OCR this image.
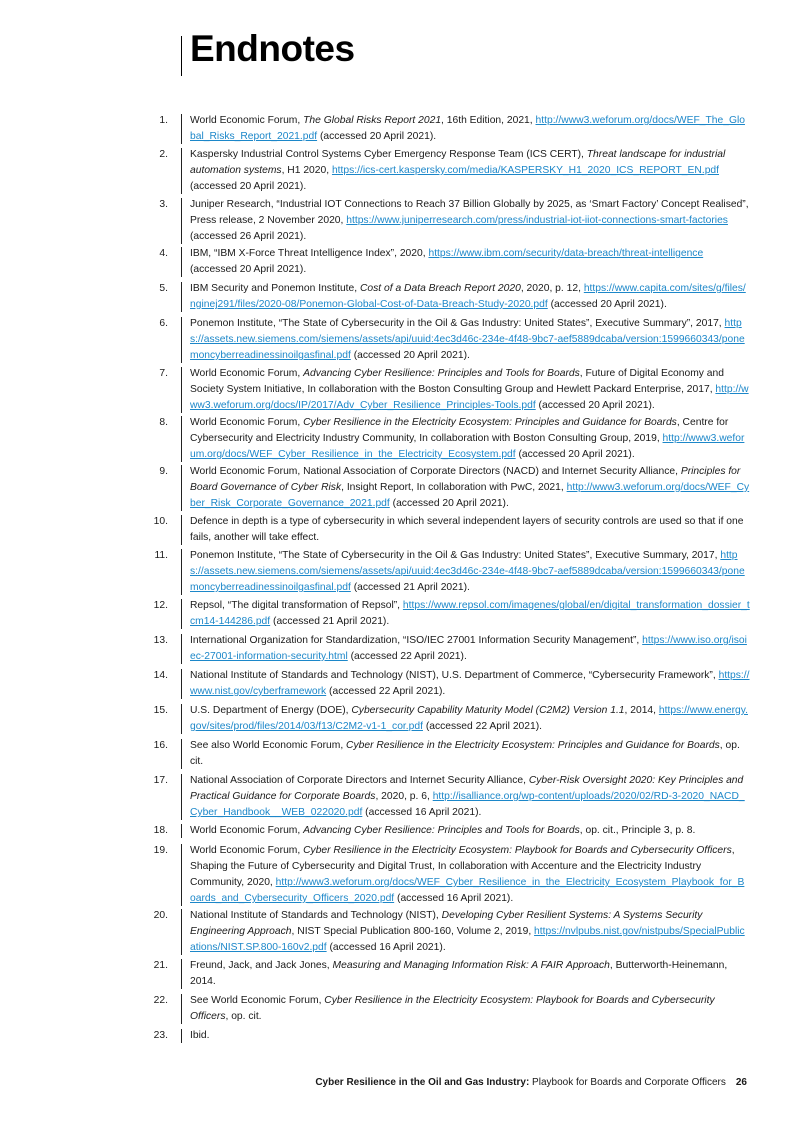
Endnotes
1. World Economic Forum, The Global Risks Report 2021, 16th Edition, 2021, http://www3.weforum.org/docs/WEF_The_Global_Risks_Report_2021.pdf (accessed 20 April 2021).
2. Kaspersky Industrial Control Systems Cyber Emergency Response Team (ICS CERT), Threat landscape for industrial automation systems, H1 2020, https://ics-cert.kaspersky.com/media/KASPERSKY_H1_2020_ICS_REPORT_EN.pdf (accessed 20 April 2021).
3. Juniper Research, “Industrial IOT Connections to Reach 37 Billion Globally by 2025, as ‘Smart Factory’ Concept Realised”, Press release, 2 November 2020, https://www.juniperresearch.com/press/industrial-iot-iiot-connections-smart-factories (accessed 26 April 2021).
4. IBM, “IBM X-Force Threat Intelligence Index”, 2020, https://www.ibm.com/security/data-breach/threat-intelligence (accessed 20 April 2021).
5. IBM Security and Ponemon Institute, Cost of a Data Breach Report 2020, 2020, p. 12, https://www.capita.com/sites/g/files/nginej291/files/2020-08/Ponemon-Global-Cost-of-Data-Breach-Study-2020.pdf (accessed 20 April 2021).
6. Ponemon Institute, “The State of Cybersecurity in the Oil & Gas Industry: United States”, Executive Summary”, 2017, https://assets.new.siemens.com/siemens/assets/api/uuid:4ec3d46c-234e-4f48-9bc7-aef5889dcaba/version:1599660343/ponemoncyberreadinessinoilgasfinal.pdf (accessed 20 April 2021).
7. World Economic Forum, Advancing Cyber Resilience: Principles and Tools for Boards, Future of Digital Economy and Society System Initiative, In collaboration with the Boston Consulting Group and Hewlett Packard Enterprise, 2017, http://www3.weforum.org/docs/IP/2017/Adv_Cyber_Resilience_Principles-Tools.pdf (accessed 20 April 2021).
8. World Economic Forum, Cyber Resilience in the Electricity Ecosystem: Principles and Guidance for Boards, Centre for Cybersecurity and Electricity Industry Community, In collaboration with Boston Consulting Group, 2019, http://www3.weforum.org/docs/WEF_Cyber_Resilience_in_the_Electricity_Ecosystem.pdf (accessed 20 April 2021).
9. World Economic Forum, National Association of Corporate Directors (NACD) and Internet Security Alliance, Principles for Board Governance of Cyber Risk, Insight Report, In collaboration with PwC, 2021, http://www3.weforum.org/docs/WEF_Cyber_Risk_Corporate_Governance_2021.pdf (accessed 20 April 2021).
10. Defence in depth is a type of cybersecurity in which several independent layers of security controls are used so that if one fails, another will take effect.
11. Ponemon Institute, “The State of Cybersecurity in the Oil & Gas Industry: United States”, Executive Summary, 2017, https://assets.new.siemens.com/siemens/assets/api/uuid:4ec3d46c-234e-4f48-9bc7-aef5889dcaba/version:1599660343/ponemoncyberreadinessinoilgasfinal.pdf (accessed 21 April 2021).
12. Repsol, “The digital transformation of Repsol”, https://www.repsol.com/imagenes/global/en/digital_transformation_dossier_tcm14-144286.pdf (accessed 21 April 2021).
13. International Organization for Standardization, “ISO/IEC 27001 Information Security Management”, https://www.iso.org/isoiec-27001-information-security.html (accessed 22 April 2021).
14. National Institute of Standards and Technology (NIST), U.S. Department of Commerce, “Cybersecurity Framework”, https://www.nist.gov/cyberframework (accessed 22 April 2021).
15. U.S. Department of Energy (DOE), Cybersecurity Capability Maturity Model (C2M2) Version 1.1, 2014, https://www.energy.gov/sites/prod/files/2014/03/f13/C2M2-v1-1_cor.pdf (accessed 22 April 2021).
16. See also World Economic Forum, Cyber Resilience in the Electricity Ecosystem: Principles and Guidance for Boards, op. cit.
17. National Association of Corporate Directors and Internet Security Alliance, Cyber-Risk Oversight 2020: Key Principles and Practical Guidance for Corporate Boards, 2020, p. 6, http://isalliance.org/wp-content/uploads/2020/02/RD-3-2020_NACD_Cyber_Handbook__WEB_022020.pdf (accessed 16 April 2021).
18. World Economic Forum, Advancing Cyber Resilience: Principles and Tools for Boards, op. cit., Principle 3, p. 8.
19. World Economic Forum, Cyber Resilience in the Electricity Ecosystem: Playbook for Boards and Cybersecurity Officers, Shaping the Future of Cybersecurity and Digital Trust, In collaboration with Accenture and the Electricity Industry Community, 2020, http://www3.weforum.org/docs/WEF_Cyber_Resilience_in_the_Electricity_Ecosystem_Playbook_for_Boards_and_Cybersecurity_Officers_2020.pdf (accessed 16 April 2021).
20. National Institute of Standards and Technology (NIST), Developing Cyber Resilient Systems: A Systems Security Engineering Approach, NIST Special Publication 800-160, Volume 2, 2019, https://nvlpubs.nist.gov/nistpubs/SpecialPublications/NIST.SP.800-160v2.pdf (accessed 16 April 2021).
21. Freund, Jack, and Jack Jones, Measuring and Managing Information Risk: A FAIR Approach, Butterworth-Heinemann, 2014.
22. See World Economic Forum, Cyber Resilience in the Electricity Ecosystem: Playbook for Boards and Cybersecurity Officers, op. cit.
23. Ibid.
Cyber Resilience in the Oil and Gas Industry: Playbook for Boards and Corporate Officers 26
